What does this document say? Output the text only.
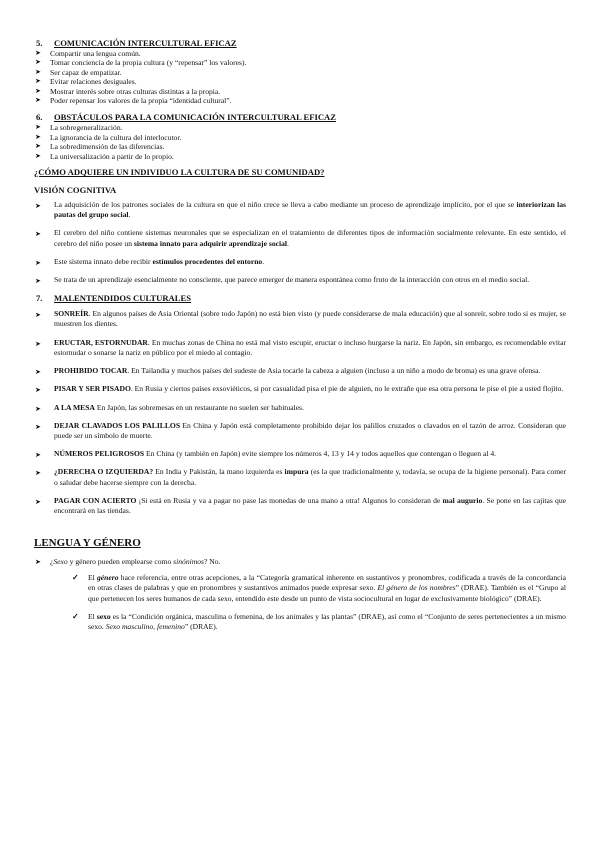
5. COMUNICACIÓN INTERCULTURAL EFICAZ
➤ Compartir una lengua común.
➤ Tomar conciencia de la propia cultura (y “repensar” los valores).
➤ Ser capaz de empatizar.
➤ Evitar relaciones desiguales.
➤ Mostrar interés sobre otras culturas distintas a la propia.
➤ Poder repensar los valores de la propia “identidad cultural”.
6. OBSTÁCULOS PARA LA COMUNICACIÓN INTERCULTURAL EFICAZ
➤ La sobregeneralización.
➤ La ignorancia de la cultura del interlocutor.
➤ La sobredimensión de las diferencias.
➤ La universalización a partir de lo propio.
¿CÓMO ADQUIERE UN INDIVIDUO LA CULTURA DE SU COMUNIDAD?
VISIÓN COGNITIVA
➤ La adquisición de los patrones sociales de la cultura en que el niño crece se lleva a cabo mediante un proceso de aprendizaje implícito, por el que se interiorizan las pautas del grupo social.
➤ El cerebro del niño contiene sistemas neuronales que se especializan en el tratamiento de diferentes tipos de información socialmente relevante. En este sentido, el cerebro del niño posee un sistema innato para adquirir aprendizaje social.
➤ Este sistema innato debe recibir estímulos procedentes del entorno.
➤ Se trata de un aprendizaje esencialmente no consciente, que parece emerger de manera espontánea como fruto de la interacción con otros en el medio social.
7. MALENTENDIDOS CULTURALES
➤ SONREÍR. En algunos países de Asia Oriental (sobre todo Japón) no está bien visto (y puede considerarse de mala educación) que al sonreír, sobre todo si es mujer, se muestren los dientes.
➤ ERUCTAR, ESTORNUDAR. En muchas zonas de China no está mal visto escupir, eructar o incluso hurgarse la nariz. En Japón, sin embargo, es recomendable evitar estornudar o sonarse la nariz en público por el miedo al contagio.
➤ PROHIBIDO TOCAR. En Tailandia y muchos países del sudeste de Asia tocarle la cabeza a alguien (incluso a un niño a modo de broma) es una grave ofensa.
➤ PISAR Y SER PISADO. En Rusia y ciertos países exsoviéticos, si por casualidad pisa el pie de alguien, no le extrañe que esa otra persona le pise el pie a usted flojito.
➤ A LA MESA En Japón, las sobremesas en un restaurante no suelen ser habituales.
➤ DEJAR CLAVADOS LOS PALILLOS En China y Japón está completamente prohibido dejar los palillos cruzados o clavados en el tazón de arroz. Consideran que puede ser un símbolo de muerte.
➤ NÚMEROS PELIGROSOS En China (y también en Japón) evite siempre los números 4, 13 y 14 y todos aquellos que contengan o lleguen al 4.
➤ ¿DERECHA O IZQUIERDA? En India y Pakistán, la mano izquierda es impura (es la que tradicionalmente y, todavía, se ocupa de la higiene personal). Para comer o saludar debe hacerse siempre con la derecha.
➤ PAGAR CON ACIERTO ¡Si está en Rusia y va a pagar no pase las monedas de una mano a otra! Algunos lo consideran de mal augurio. Se pone en las cajitas que encontrará en las tiendas.
LENGUA Y GÉNERO
➤ ¿Sexo y género pueden emplearse como sinónimos? No.
✓ El género hace referencia, entre otras acepciones, a la “Categoría gramatical inherente en sustantivos y pronombres, codificada a través de la concordancia en otras clases de palabras y que en pronombres y sustantivos animados puede expresar sexo. El género de los nombres” (DRAE). También es el “Grupo al que pertenecen los seres humanos de cada sexo, entendido este desde un punto de vista sociocultural en lugar de exclusivamente biológico” (DRAE).
✓ El sexo es la “Condición orgánica, masculina o femenina, de los animales y las plantas” (DRAE), así como el “Conjunto de seres pertenecientes a un mismo sexo. Sexo masculino, femenino” (DRAE).
